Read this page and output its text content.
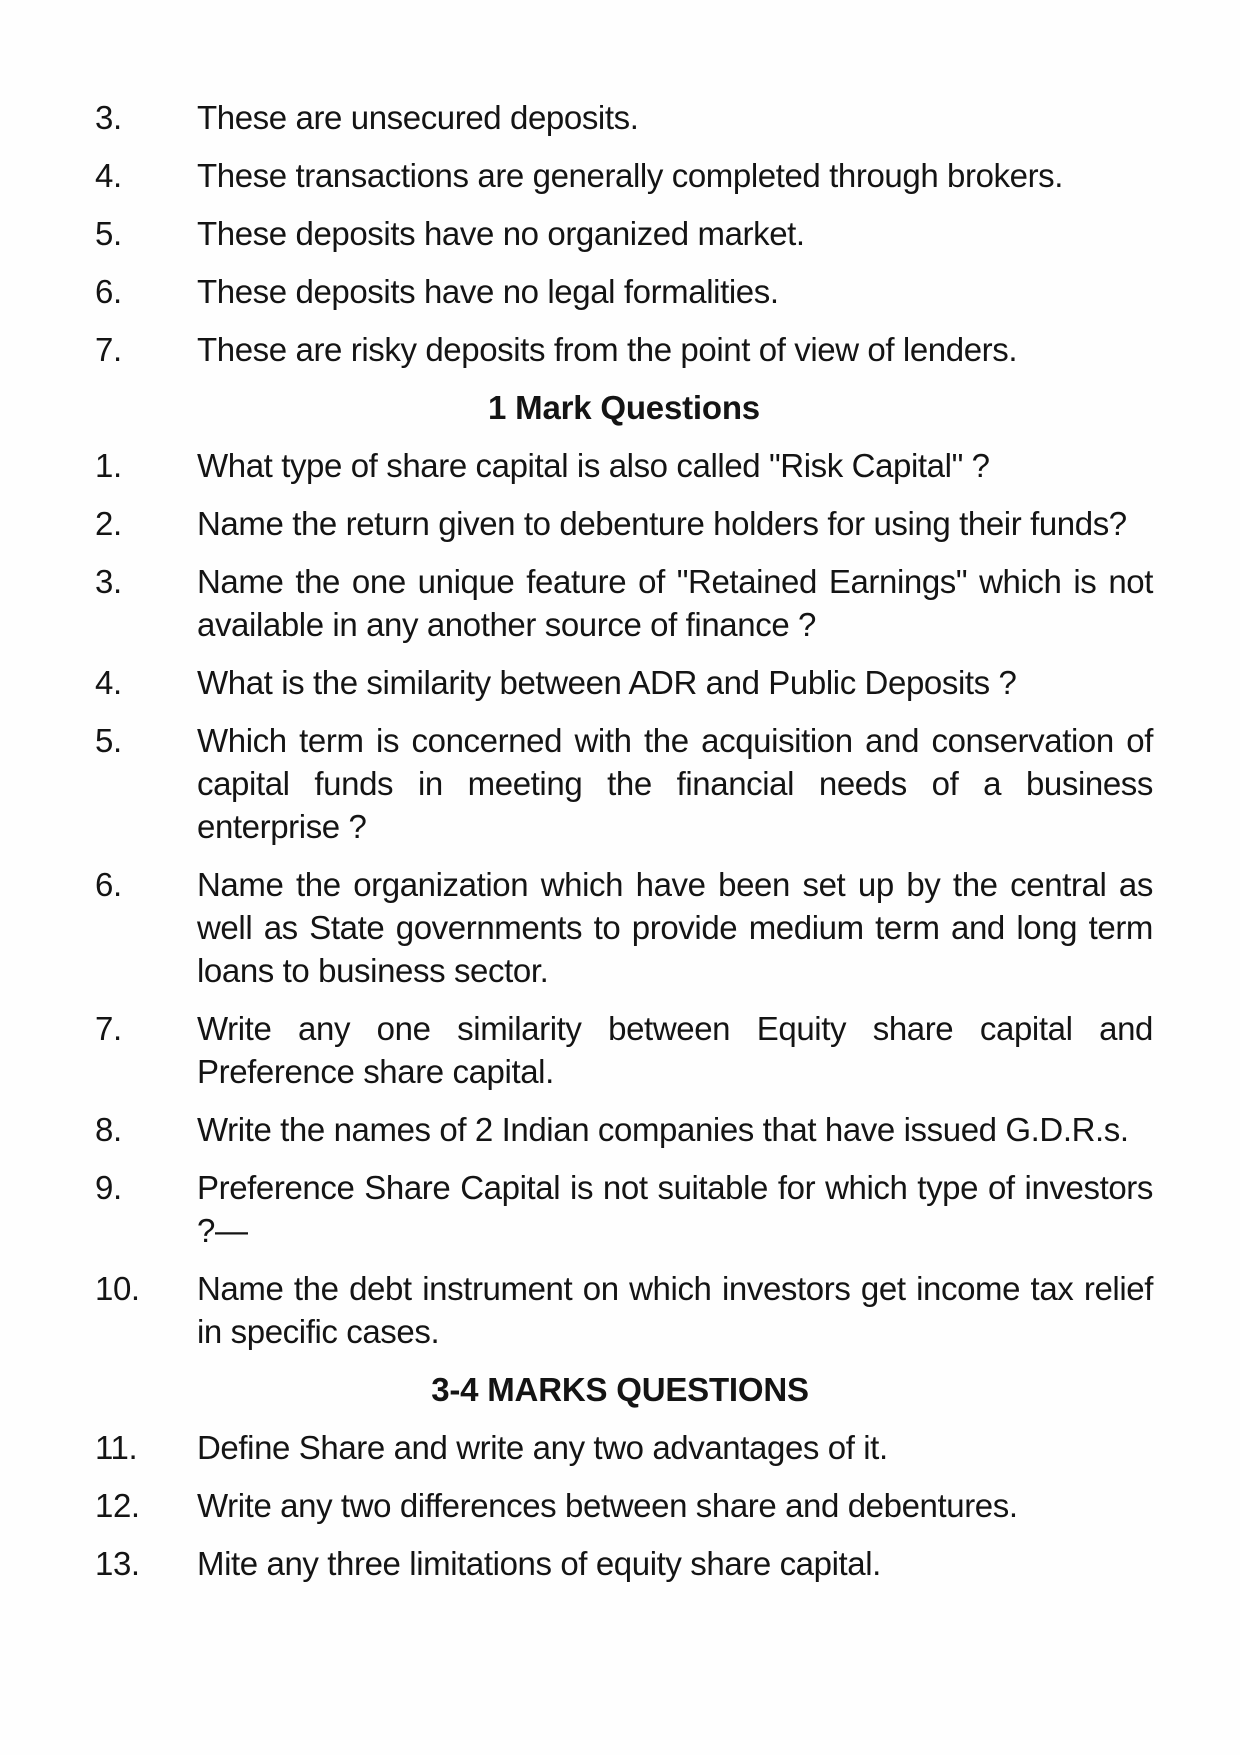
3. These are unsecured deposits.
4. These transactions are generally completed through brokers.
5. These deposits have no organized market.
6. These deposits have no legal formalities.
7. These are risky deposits from the point of view of lenders.
1 Mark Questions
1. What type of share capital is also called "Risk Capital" ?
2. Name the return given to debenture holders for using their funds?
3. Name the one unique feature of "Retained Earnings" which is not available in any another source of finance ?
4. What is the similarity between ADR and Public Deposits ?
5. Which term is concerned with the acquisition and conservation of capital funds in meeting the financial needs of a business enterprise ?
6. Name the organization which have been set up by the central as well as State governments to provide medium term and long term loans to business sector.
7. Write any one similarity between Equity share capital and Preference share capital.
8. Write the names of 2 Indian companies that have issued G.D.R.s.
9. Preference Share Capital is not suitable for which type of investors ?—
10. Name the debt instrument on which investors get income tax relief in specific cases.
3-4 MARKS QUESTIONS
11. Define Share and write any two advantages of it.
12. Write any two differences between share and debentures.
13. Mite any three limitations of equity share capital.
